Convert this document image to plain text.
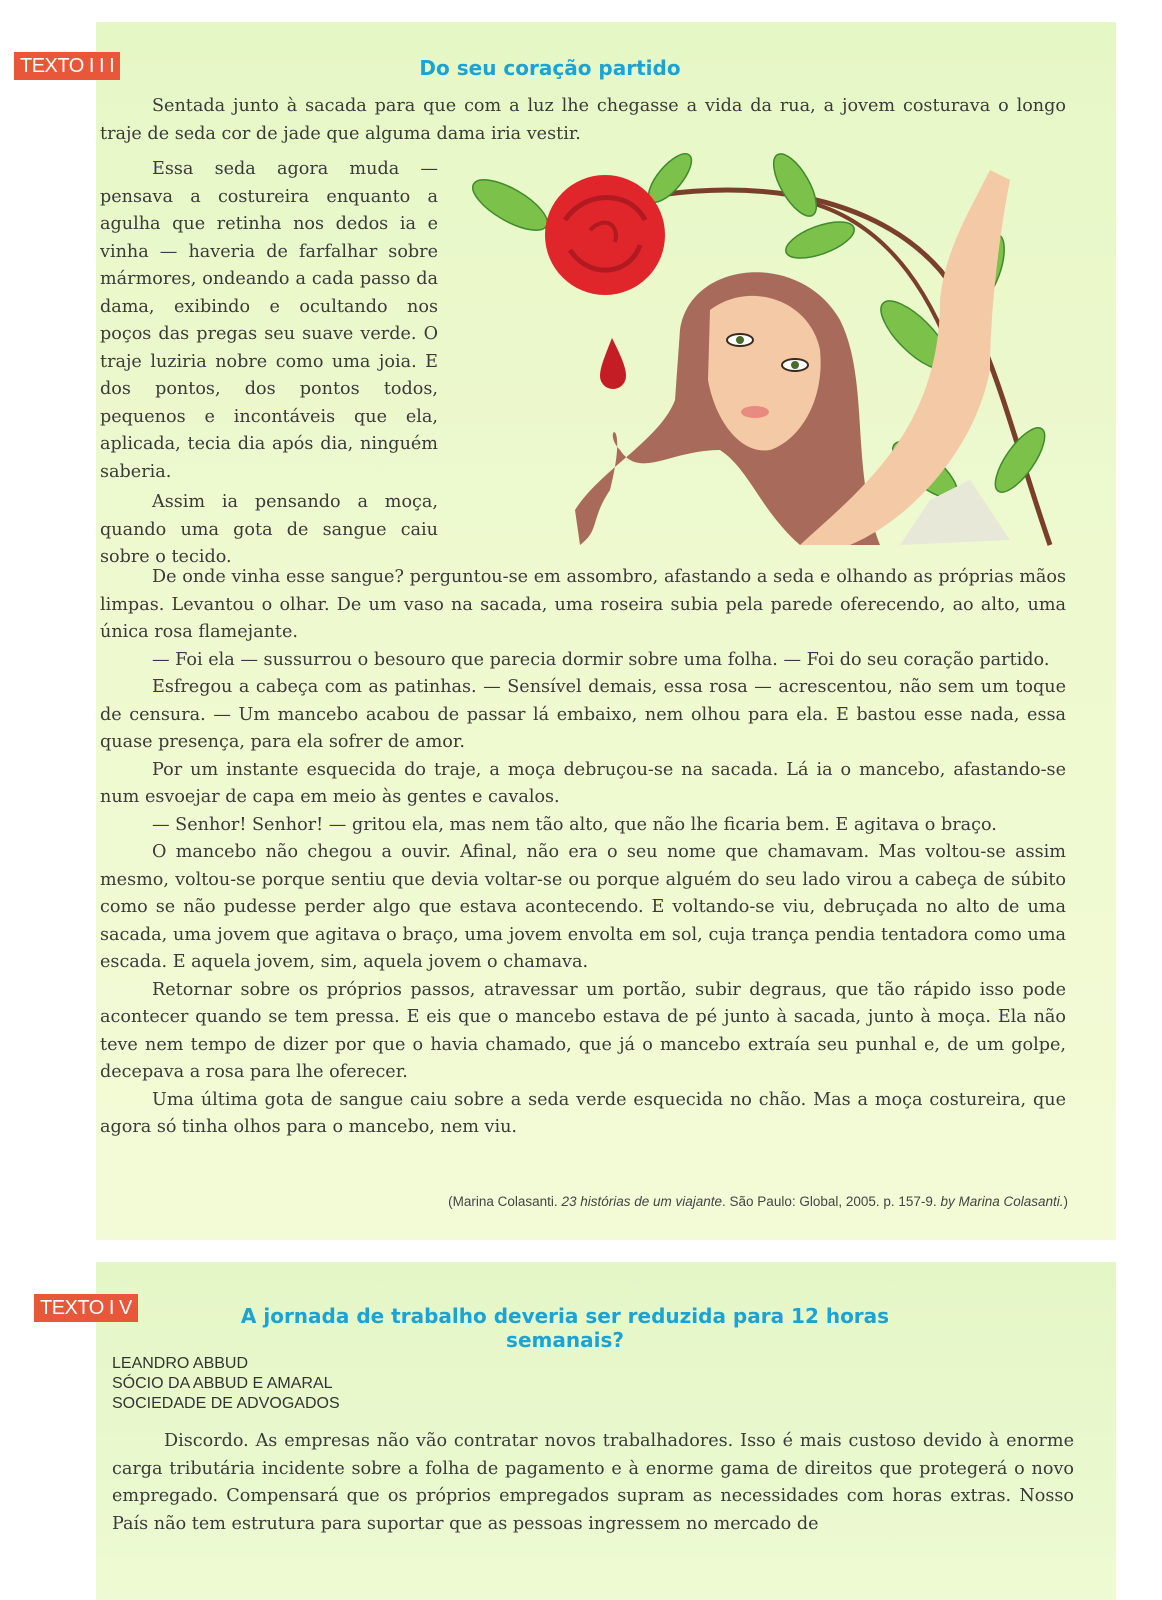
TEXTO I I I	Do seu coração partido

Sentada junto à sacada para que com a luz lhe chegasse a vida da rua, a jovem costurava o longo traje de seda cor de jade que alguma dama iria vestir.

Essa seda agora muda — pensava a costureira enquanto a agulha que retinha nos dedos ia e vinha — haveria de farfalhar sobre mármores, ondeando a cada passo da dama, exibindo e ocultando nos poços das pregas seu suave verde. O traje luziria nobre como uma joia. E dos pontos, dos pontos todos, pequenos e incontáveis que ela, aplicada, tecia dia após dia, ninguém saberia.

Assim ia pensando a moça, quando uma gota de sangue caiu sobre o tecido.

De onde vinha esse sangue? perguntou-se em assombro, afastando a seda e olhando as próprias mãos limpas. Levantou o olhar. De um vaso na sacada, uma roseira subia pela parede oferecendo, ao alto, uma única rosa flamejante.

— Foi ela — sussurrou o besouro que parecia dormir sobre uma folha. — Foi do seu coração partido.

Esfregou a cabeça com as patinhas. — Sensível demais, essa rosa — acrescentou, não sem um toque de censura. — Um mancebo acabou de passar lá embaixo, nem olhou para ela. E bastou esse nada, essa quase presença, para ela sofrer de amor.

Por um instante esquecida do traje, a moça debruçou-se na sacada. Lá ia o mancebo, afastando-se num esvoejar de capa em meio às gentes e cavalos.

— Senhor! Senhor! — gritou ela, mas nem tão alto, que não lhe ficaria bem. E agitava o braço.

O mancebo não chegou a ouvir. Afinal, não era o seu nome que chamavam. Mas voltou-se assim mesmo, voltou-se porque sentiu que devia voltar-se ou porque alguém do seu lado virou a cabeça de súbito como se não pudesse perder algo que estava acontecendo. E voltando-se viu, debruçada no alto de uma sacada, uma jovem que agitava o braço, uma jovem envolta em sol, cuja trança pendia tentadora como uma escada. E aquela jovem, sim, aquela jovem o chamava.

Retornar sobre os próprios passos, atravessar um portão, subir degraus, que tão rápido isso pode acontecer quando se tem pressa. E eis que o mancebo estava de pé junto à sacada, junto à moça. Ela não teve nem tempo de dizer por que o havia chamado, que já o mancebo extraía seu punhal e, de um golpe, decepava a rosa para lhe oferecer.

Uma última gota de sangue caiu sobre a seda verde esquecida no chão. Mas a moça costureira, que agora só tinha olhos para o mancebo, nem viu.

(Marina Colasanti. 23 histórias de um viajante. São Paulo: Global, 2005. p. 157-9. by Marina Colasanti.)
TEXTO I V	A jornada de trabalho deveria ser reduzida para 12 horas semanais?
LEANDRO ABBUD
SÓCIO DA ABBUD E AMARAL
SOCIEDADE DE ADVOGADOS

Discordo. As empresas não vão contratar novos trabalhadores. Isso é mais custoso devido à enorme carga tributária incidente sobre a folha de pagamento e à enorme gama de direitos que protegerá o novo empregado. Compensará que os próprios empregados supram as necessidades com horas extras. Nosso País não tem estrutura para suportar que as pessoas ingressem no mercado de
